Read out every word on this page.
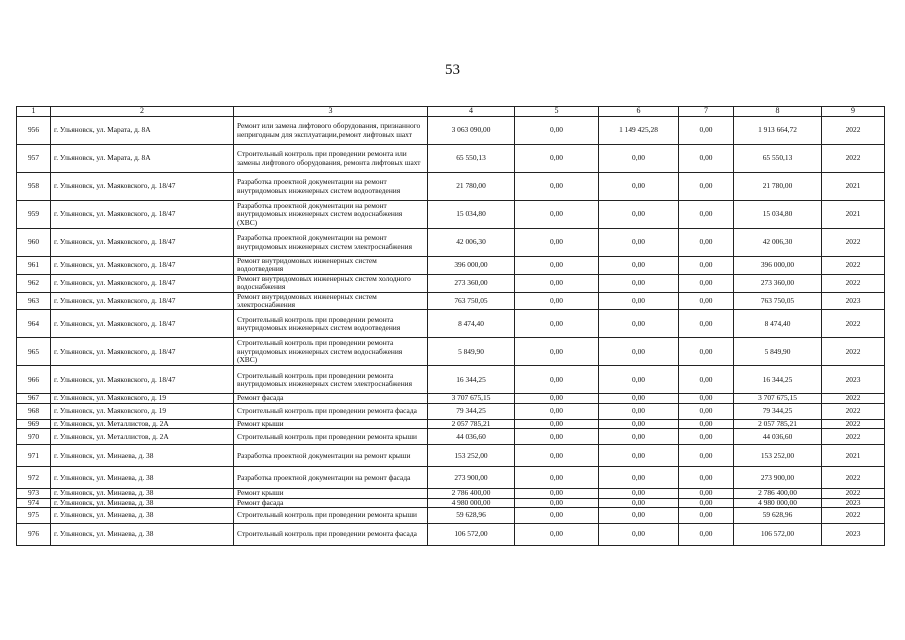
53
1	2	3	4	5	6	7	8	9
956	г. Ульяновск, ул. Марата, д. 8А	Ремонт или замена лифтового оборудования, признанного непригодным для эксплуатации,ремонт лифтовых шахт	3 063 090,00	0,00	1 149 425,28	0,00	1 913 664,72	2022
957	г. Ульяновск, ул. Марата, д. 8А	Строительный контроль при проведении ремонта или замены лифтового оборудования, ремонта лифтовых шахт	65 550,13	0,00	0,00	0,00	65 550,13	2022
958	г. Ульяновск, ул. Маяковского, д. 18/47	Разработка проектной документации на ремонт внутридомовых инженерных систем водоотведения	21 780,00	0,00	0,00	0,00	21 780,00	2021
959	г. Ульяновск, ул. Маяковского, д. 18/47	Разработка проектной документации на ремонт внутридомовых инженерных систем водоснабжения (ХВС)	15 034,80	0,00	0,00	0,00	15 034,80	2021
960	г. Ульяновск, ул. Маяковского, д. 18/47	Разработка проектной документации на ремонт внутридомовых инженерных систем электроснабжения	42 006,30	0,00	0,00	0,00	42 006,30	2022
961	г. Ульяновск, ул. Маяковского, д. 18/47	Ремонт внутридомовых инженерных систем водоотведения	396 000,00	0,00	0,00	0,00	396 000,00	2022
962	г. Ульяновск, ул. Маяковского, д. 18/47	Ремонт внутридомовых инженерных систем холодного водоснабжения	273 360,00	0,00	0,00	0,00	273 360,00	2022
963	г. Ульяновск, ул. Маяковского, д. 18/47	Ремонт внутридомовых инженерных систем электроснабжения	763 750,05	0,00	0,00	0,00	763 750,05	2023
964	г. Ульяновск, ул. Маяковского, д. 18/47	Строительный контроль при проведении ремонта внутридомовых инженерных систем водоотведения	8 474,40	0,00	0,00	0,00	8 474,40	2022
965	г. Ульяновск, ул. Маяковского, д. 18/47	Строительный контроль при проведении ремонта внутридомовых инженерных систем водоснабжения (ХВС)	5 849,90	0,00	0,00	0,00	5 849,90	2022
966	г. Ульяновск, ул. Маяковского, д. 18/47	Строительный контроль при проведении ремонта внутридомовых инженерных систем электроснабжения	16 344,25	0,00	0,00	0,00	16 344,25	2023
967	г. Ульяновск, ул. Маяковского, д. 19	Ремонт фасада	3 707 675,15	0,00	0,00	0,00	3 707 675,15	2022
968	г. Ульяновск, ул. Маяковского, д. 19	Строительный контроль при проведении ремонта фасада	79 344,25	0,00	0,00	0,00	79 344,25	2022
969	г. Ульяновск, ул. Металлистов, д. 2А	Ремонт крыши	2 057 785,21	0,00	0,00	0,00	2 057 785,21	2022
970	г. Ульяновск, ул. Металлистов, д. 2А	Строительный контроль при проведении ремонта крыши	44 036,60	0,00	0,00	0,00	44 036,60	2022
971	г. Ульяновск, ул. Минаева, д. 38	Разработка проектной документации на ремонт крыши	153 252,00	0,00	0,00	0,00	153 252,00	2021
972	г. Ульяновск, ул. Минаева, д. 38	Разработка проектной документации на ремонт фасада	273 900,00	0,00	0,00	0,00	273 900,00	2022
973	г. Ульяновск, ул. Минаева, д. 38	Ремонт крыши	2 786 400,00	0,00	0,00	0,00	2 786 400,00	2022
974	г. Ульяновск, ул. Минаева, д. 38	Ремонт фасада	4 980 000,00	0,00	0,00	0,00	4 980 000,00	2023
975	г. Ульяновск, ул. Минаева, д. 38	Строительный контроль при проведении ремонта крыши	59 628,96	0,00	0,00	0,00	59 628,96	2022
976	г. Ульяновск, ул. Минаева, д. 38	Строительный контроль при проведении ремонта фасада	106 572,00	0,00	0,00	0,00	106 572,00	2023
